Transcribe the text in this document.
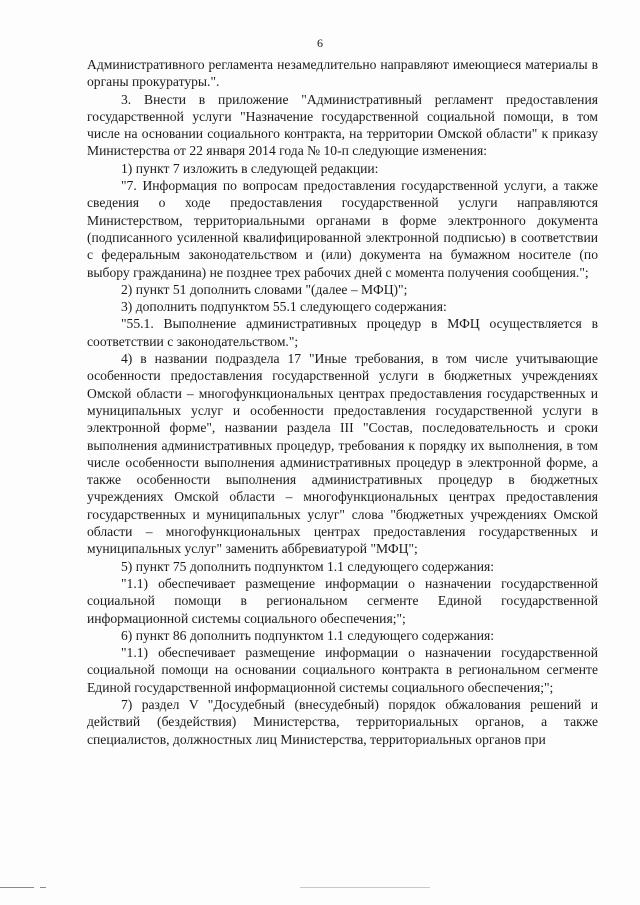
6

Административного регламента незамедлительно направляют имеющиеся материалы в органы прокуратуры.".

3. Внести в приложение "Административный регламент предоставления государственной услуги "Назначение государственной социальной помощи, в том числе на основании социального контракта, на территории Омской области" к приказу Министерства от 22 января 2014 года № 10-п следующие изменения:

1) пункт 7 изложить в следующей редакции:

"7. Информация по вопросам предоставления государственной услуги, а также сведения о ходе предоставления государственной услуги направляются Министерством, территориальными органами в форме электронного документа (подписанного усиленной квалифицированной электронной подписью) в соответствии с федеральным законодательством и (или) документа на бумажном носителе (по выбору гражданина) не позднее трех рабочих дней с момента получения сообщения.";

2) пункт 51 дополнить словами "(далее – МФЦ)";

3) дополнить подпунктом 55.1 следующего содержания:

"55.1. Выполнение административных процедур в МФЦ осуществляется в соответствии с законодательством.";

4) в названии подраздела 17 "Иные требования, в том числе учитывающие особенности предоставления государственной услуги в бюджетных учреждениях Омской области – многофункциональных центрах предоставления государственных и муниципальных услуг и особенности предоставления государственной услуги в электронной форме", названии раздела III "Состав, последовательность и сроки выполнения административных процедур, требования к порядку их выполнения, в том числе особенности выполнения административных процедур в электронной форме, а также особенности выполнения административных процедур в бюджетных учреждениях Омской области – многофункциональных центрах предоставления государственных и муниципальных услуг" слова "бюджетных учреждениях Омской области – многофункциональных центрах предоставления государственных и муниципальных услуг" заменить аббревиатурой "МФЦ";

5) пункт 75 дополнить подпунктом 1.1 следующего содержания:

"1.1) обеспечивает размещение информации о назначении государственной социальной помощи в региональном сегменте Единой государственной информационной системы социального обеспечения;";

6) пункт 86 дополнить подпунктом 1.1 следующего содержания:

"1.1) обеспечивает размещение информации о назначении государственной социальной помощи на основании социального контракта в региональном сегменте Единой государственной информационной системы социального обеспечения;";

7) раздел V "Досудебный (внесудебный) порядок обжалования решений и действий (бездействия) Министерства, территориальных органов, а также специалистов, должностных лиц Министерства, территориальных органов при
